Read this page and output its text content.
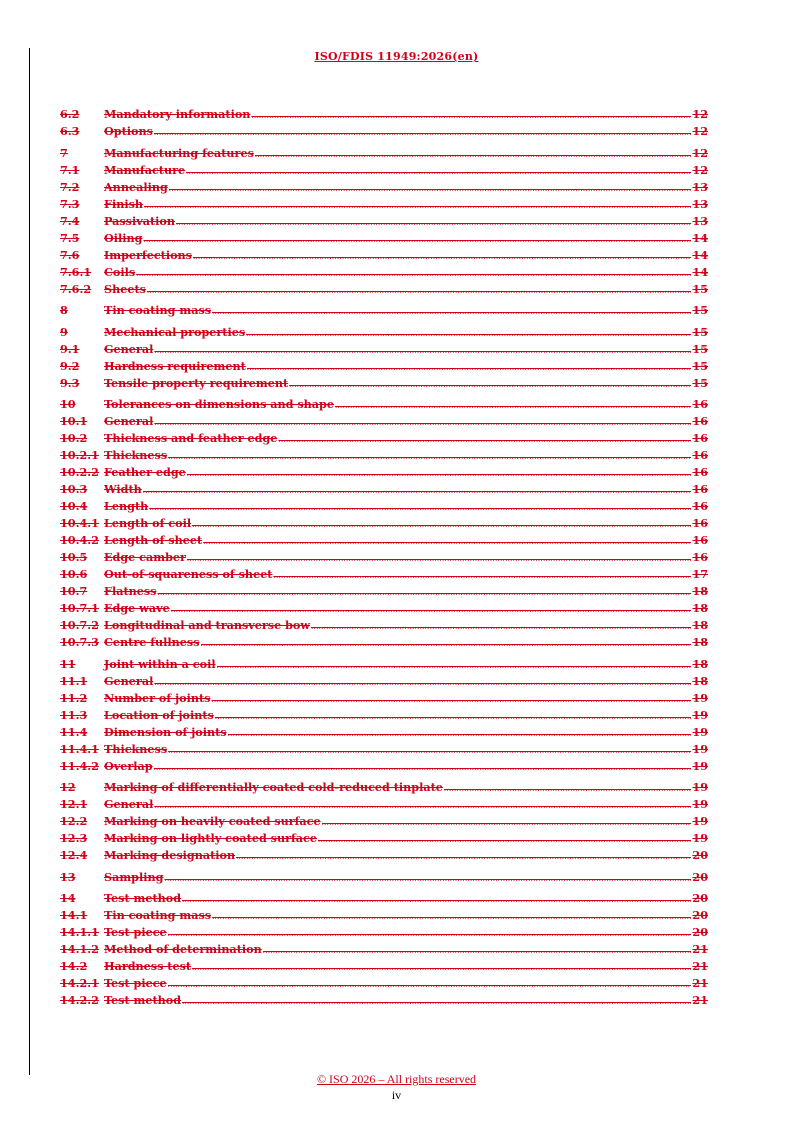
ISO/FDIS 11949:2026(en)
6.2	Mandatory information .....	12
6.3	Options .....	12
7	Manufacturing features .....	12
7.1	Manufacture .....	12
7.2	Annealing .....	13
7.3	Finish .....	13
7.4	Passivation .....	13
7.5	Oiling .....	14
7.6	Imperfections .....	14
7.6.1	Coils .....	14
7.6.2	Sheets .....	15
8	Tin coating mass .....	15
9	Mechanical properties .....	15
9.1	General .....	15
9.2	Hardness requirement .....	15
9.3	Tensile property requirement .....	15
10	Tolerances on dimensions and shape .....	16
10.1	General .....	16
10.2	Thickness and feather edge .....	16
10.2.1 Thickness .....	16
10.2.2 Feather edge .....	16
10.3	Width .....	16
10.4	Length .....	16
10.4.1 Length of coil .....	16
10.4.2 Length of sheet .....	16
10.5	Edge camber .....	16
10.6	Out-of-squareness of sheet .....	17
10.7	Flatness .....	18
10.7.1 Edge wave .....	18
10.7.2 Longitudinal and transverse bow .....	18
10.7.3 Centre fullness .....	18
11	Joint within a coil .....	18
11.1	General .....	18
11.2	Number of joints .....	19
11.3	Location of joints .....	19
11.4	Dimension of joints .....	19
11.4.1 Thickness .....	19
11.4.2 Overlap .....	19
12	Marking of differentially coated cold-reduced tinplate .....	19
12.1	General .....	19
12.2	Marking on heavily coated surface .....	19
12.3	Marking on lightly coated surface .....	19
12.4	Marking designation .....	20
13	Sampling .....	20
14	Test method .....	20
14.1	Tin coating mass .....	20
14.1.1 Test piece .....	20
14.1.2 Method of determination .....	21
14.2	Hardness test .....	21
14.2.1 Test piece .....	21
14.2.2 Test method .....	21
© ISO 2026 – All rights reserved
iv
